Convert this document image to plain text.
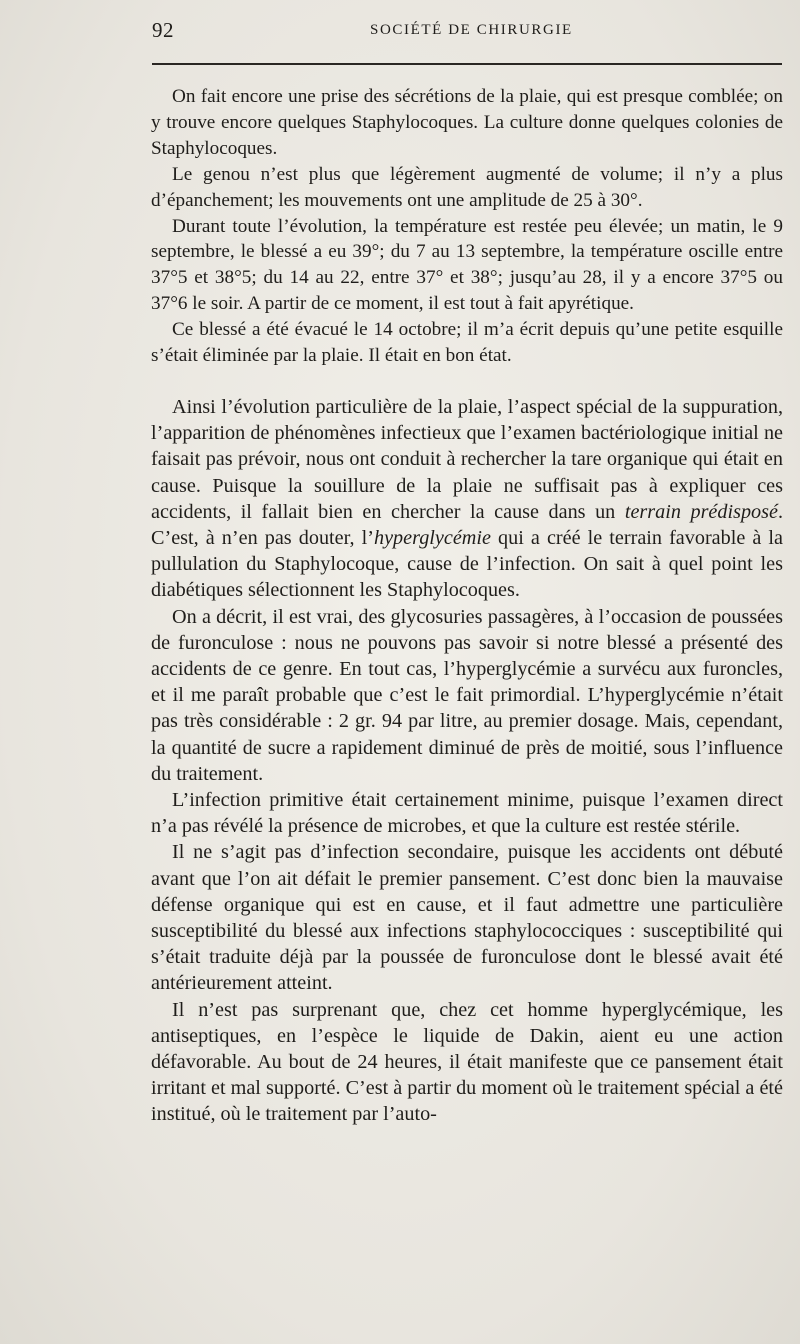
92	SOCIÉTÉ DE CHIRURGIE

On fait encore une prise des sécrétions de la plaie, qui est presque comblée; on y trouve encore quelques Staphylocoques. La culture donne quelques colonies de Staphylocoques.

Le genou n’est plus que légèrement augmenté de volume; il n’y a plus d’épanchement; les mouvements ont une amplitude de 25 à 30°.

Durant toute l’évolution, la température est restée peu élevée; un matin, le 9 septembre, le blessé a eu 39°; du 7 au 13 septembre, la température oscille entre 37°5 et 38°5; du 14 au 22, entre 37° et 38°; jusqu’au 28, il y a encore 37°5 ou 37°6 le soir. A partir de ce moment, il est tout à fait apyrétique.

Ce blessé a été évacué le 14 octobre; il m’a écrit depuis qu’une petite esquille s’était éliminée par la plaie. Il était en bon état.

Ainsi l’évolution particulière de la plaie, l’aspect spécial de la suppuration, l’apparition de phénomènes infectieux que l’examen bactériologique initial ne faisait pas prévoir, nous ont conduit à rechercher la tare organique qui était en cause. Puisque la souillure de la plaie ne suffisait pas à expliquer ces accidents, il fallait bien en chercher la cause dans un terrain prédisposé. C’est, à n’en pas douter, l’hyperglycémie qui a créé le terrain favorable à la pullulation du Staphylocoque, cause de l’infection. On sait à quel point les diabétiques sélectionnent les Staphylocoques.

On a décrit, il est vrai, des glycosuries passagères, à l’occasion de poussées de furonculose : nous ne pouvons pas savoir si notre blessé a présenté des accidents de ce genre. En tout cas, l’hyperglycémie a survécu aux furoncles, et il me paraît probable que c’est le fait primordial. L’hyperglycémie n’était pas très considérable : 2 gr. 94 par litre, au premier dosage. Mais, cependant, la quantité de sucre a rapidement diminué de près de moitié, sous l’influence du traitement.

L’infection primitive était certainement minime, puisque l’examen direct n’a pas révélé la présence de microbes, et que la culture est restée stérile.

Il ne s’agit pas d’infection secondaire, puisque les accidents ont débuté avant que l’on ait défait le premier pansement. C’est donc bien la mauvaise défense organique qui est en cause, et il faut admettre une particulière susceptibilité du blessé aux infections staphylococciques : susceptibilité qui s’était traduite déjà par la poussée de furonculose dont le blessé avait été antérieurement atteint.

Il n’est pas surprenant que, chez cet homme hyperglycémique, les antiseptiques, en l’espèce le liquide de Dakin, aient eu une action défavorable. Au bout de 24 heures, il était manifeste que ce pansement était irritant et mal supporté. C’est à partir du moment où le traitement spécial a été institué, où le traitement par l’auto-
